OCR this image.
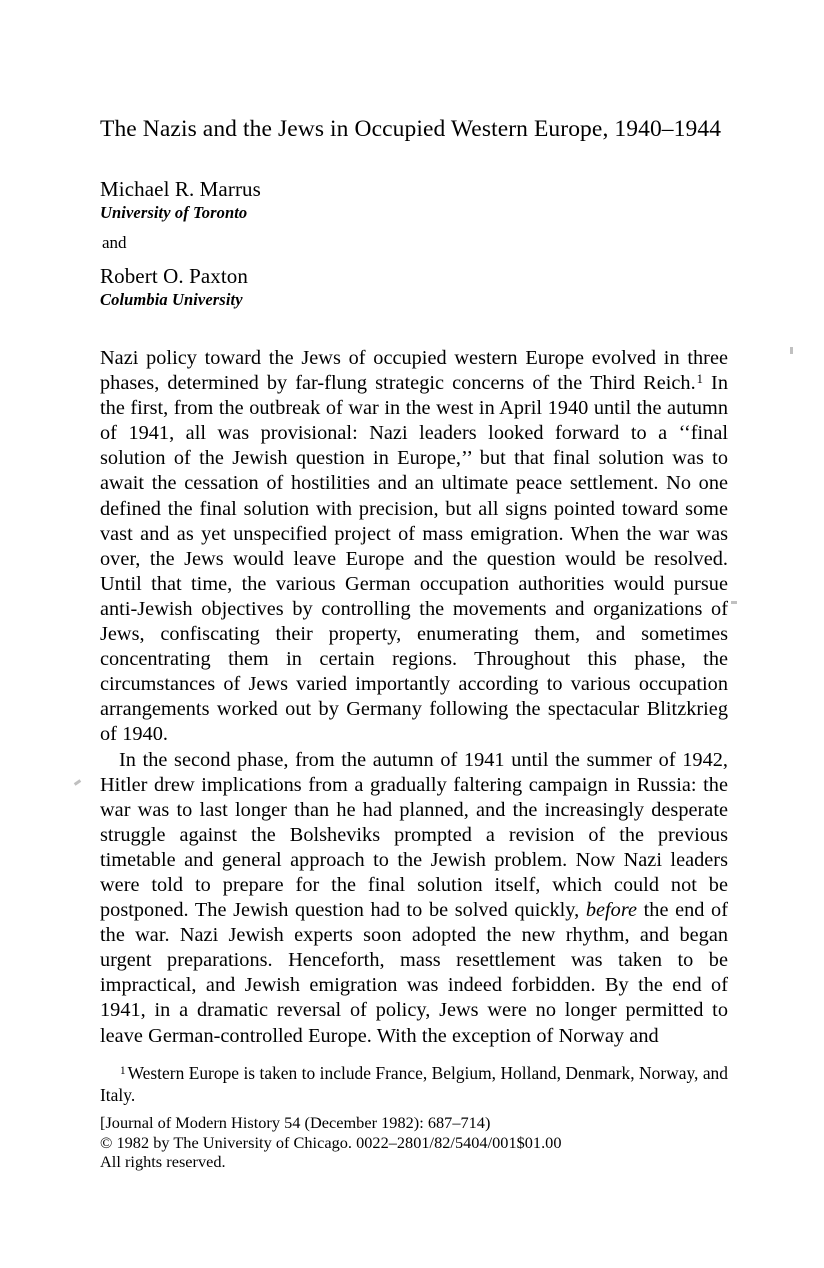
The Nazis and the Jews in Occupied Western Europe, 1940–1944
Michael R. Marrus
University of Toronto
and
Robert O. Paxton
Columbia University

Nazi policy toward the Jews of occupied western Europe evolved in three phases, determined by far-flung strategic concerns of the Third Reich.$^1$ In the first, from the outbreak of war in the west in April 1940 until the autumn of 1941, all was provisional: Nazi leaders looked forward to a ‘‘final solution of the Jewish question in Europe,’’ but that final solution was to await the cessation of hostilities and an ultimate peace settlement. No one defined the final solution with precision, but all signs pointed toward some vast and as yet unspecified project of mass emigration. When the war was over, the Jews would leave Europe and the question would be resolved. Until that time, the various German occupation authorities would pursue anti-Jewish objectives by controlling the movements and organizations of Jews, confiscating their property, enumerating them, and sometimes concentrating them in certain regions. Throughout this phase, the circumstances of Jews varied importantly according to various occupation arrangements worked out by Germany following the spectacular Blitzkrieg of 1940.

In the second phase, from the autumn of 1941 until the summer of 1942, Hitler drew implications from a gradually faltering campaign in Russia: the war was to last longer than he had planned, and the increasingly desperate struggle against the Bolsheviks prompted a revision of the previous timetable and general approach to the Jewish problem. Now Nazi leaders were told to prepare for the final solution itself, which could not be postponed. The Jewish question had to be solved quickly, before the end of the war. Nazi Jewish experts soon adopted the new rhythm, and began urgent preparations. Henceforth, mass resettlement was taken to be impractical, and Jewish emigration was indeed forbidden. By the end of 1941, in a dramatic reversal of policy, Jews were no longer permitted to leave German-controlled Europe. With the exception of Norway and

$^1$ Western Europe is taken to include France, Belgium, Holland, Denmark, Norway, and Italy.

[Journal of Modern History 54 (December 1982): 687–714)
© 1982 by The University of Chicago. 0022–2801/82/5404/001$01.00
All rights reserved.
